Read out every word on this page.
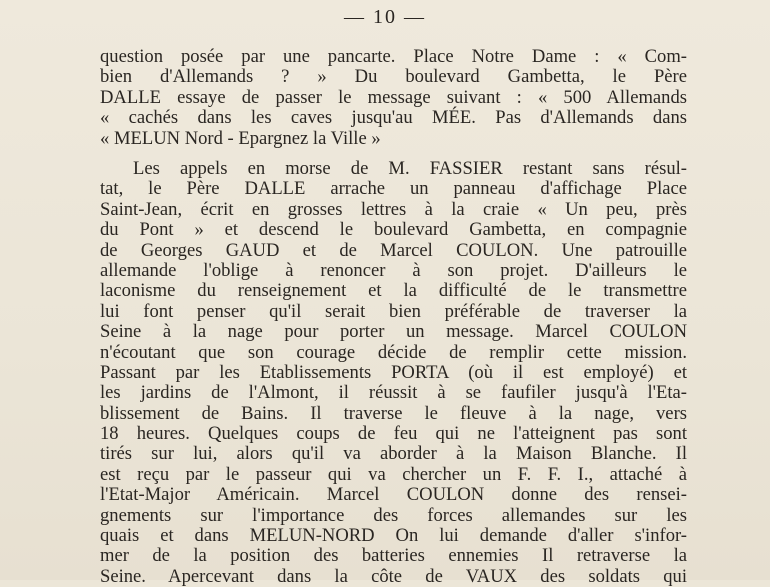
— 10 —
question posée par une pancarte. Place Notre Dame : « Com-
bien d'Allemands ? » Du boulevard Gambetta, le Père
DALLE essaye de passer le message suivant : « 500 Allemands
« cachés dans les caves jusqu'au MÉE. Pas d'Allemands dans
« MELUN Nord - Epargnez la Ville »
Les appels en morse de M. FASSIER restant sans résul-
tat, le Père DALLE arrache un panneau d'affichage Place
Saint-Jean, écrit en grosses lettres à la craie « Un peu, près
du Pont » et descend le boulevard Gambetta, en compagnie
de Georges GAUD et de Marcel COULON. Une patrouille
allemande l'oblige à renoncer à son projet. D'ailleurs le
laconisme du renseignement et la difficulté de le transmettre
lui font penser qu'il serait bien préférable de traverser la
Seine à la nage pour porter un message. Marcel COULON
n'écoutant que son courage décide de remplir cette mission.
Passant par les Etablissements PORTA (où il est employé) et
les jardins de l'Almont, il réussit à se faufiler jusqu'à l'Eta-
blissement de Bains. Il traverse le fleuve à la nage, vers
18 heures. Quelques coups de feu qui ne l'atteignent pas sont
tirés sur lui, alors qu'il va aborder à la Maison Blanche. Il
est reçu par le passeur qui va chercher un F. F. I., attaché à
l'Etat-Major Américain. Marcel COULON donne des rensei-
gnements sur l'importance des forces allemandes sur les
quais et dans MELUN-NORD On lui demande d'aller s'infor-
mer de la position des batteries ennemies Il retraverse la
Seine. Apercevant dans la côte de VAUX des soldats qui
